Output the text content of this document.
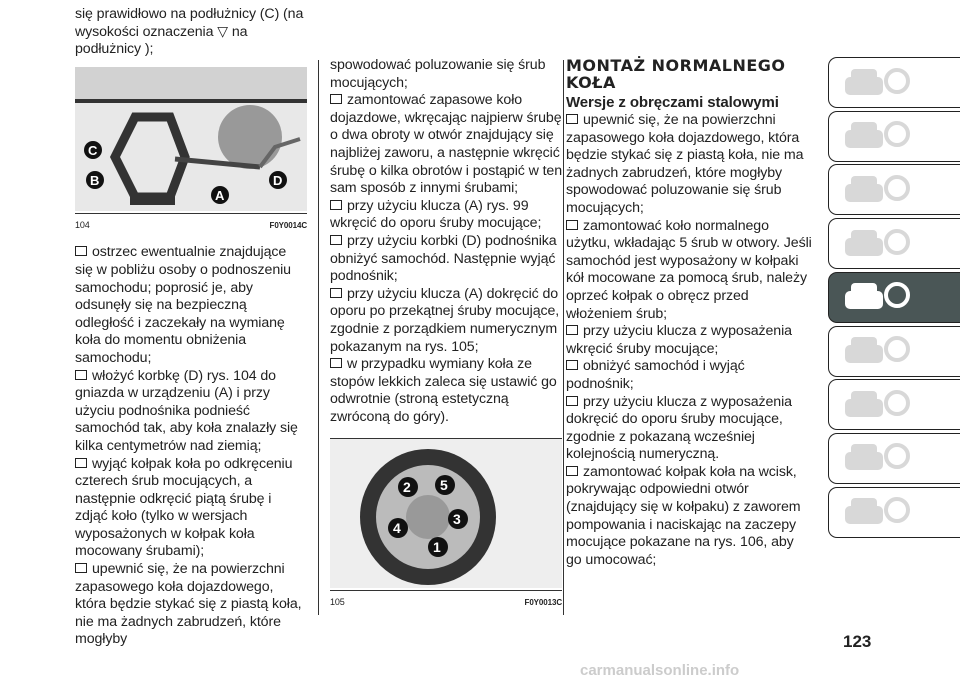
się prawidłowo na podłużnicy (C) (na wysokości oznaczenia ▽ na podłużnicy );

C
B
A
D
104	F0Y0014C

ostrzec ewentualnie znajdujące się w pobliżu osoby o podnoszeniu samochodu; poprosić je, aby odsunęły się na bezpieczną odległość i zaczekały na wymianę koła do momentu obniżenia samochodu;

włożyć korbkę (D) rys. 104 do gniazda w urządzeniu (A) i przy użyciu podnośnika podnieść samochód tak, aby koła znalazły się kilka centymetrów nad ziemią;

wyjąć kołpak koła po odkręceniu czterech śrub mocujących, a następnie odkręcić piątą śrubę i zdjąć koło (tylko w wersjach wyposażonych w kołpak koła mocowany śrubami);

upewnić się, że na powierzchni zapasowego koła dojazdowego, która będzie stykać się z piastą koła, nie ma żadnych zabrudzeń, które mogłyby

spowodować poluzowanie się śrub mocujących;

zamontować zapasowe koło dojazdowe, wkręcając najpierw śrubę o dwa obroty w otwór znajdujący się najbliżej zaworu, a następnie wkręcić śrubę o kilka obrotów i postąpić w ten sam sposób z innymi śrubami;

przy użyciu klucza (A) rys. 99 wkręcić do oporu śruby mocujące;

przy użyciu korbki (D) podnośnika obniżyć samochód. Następnie wyjąć podnośnik;

przy użyciu klucza (A) dokręcić do oporu po przekątnej śruby mocujące, zgodnie z porządkiem numerycznym pokazanym na rys. 105;

w przypadku wymiany koła ze stopów lekkich zaleca się ustawić go odwrotnie (stroną estetyczną zwróconą do góry).

2 5
3
4
1
105	F0Y0013C
MONTAŻ NORMALNEGO KOŁA
Wersje z obręczami stalowymi

upewnić się, że na powierzchni zapasowego koła dojazdowego, która będzie stykać się z piastą koła, nie ma żadnych zabrudzeń, które mogłyby spowodować poluzowanie się śrub mocujących;

zamontować koło normalnego użytku, wkładając 5 śrub w otwory. Jeśli samochód jest wyposażony w kołpaki kół mocowane za pomocą śrub, należy oprzeć kołpak o obręcz przed włożeniem śrub;

przy użyciu klucza z wyposażenia wkręcić śruby mocujące;

obniżyć samochód i wyjąć podnośnik;

przy użyciu klucza z wyposażenia dokręcić do oporu śruby mocujące, zgodnie z pokazaną wcześniej kolejnością numeryczną.

zamontować kołpak koła na wcisk, pokrywając odpowiedni otwór (znajdujący się w kołpaku) z zaworem pompowania i naciskając na zaczepy mocujące pokazane na rys. 106, aby go umocować;

123
carmanualsonline.info
